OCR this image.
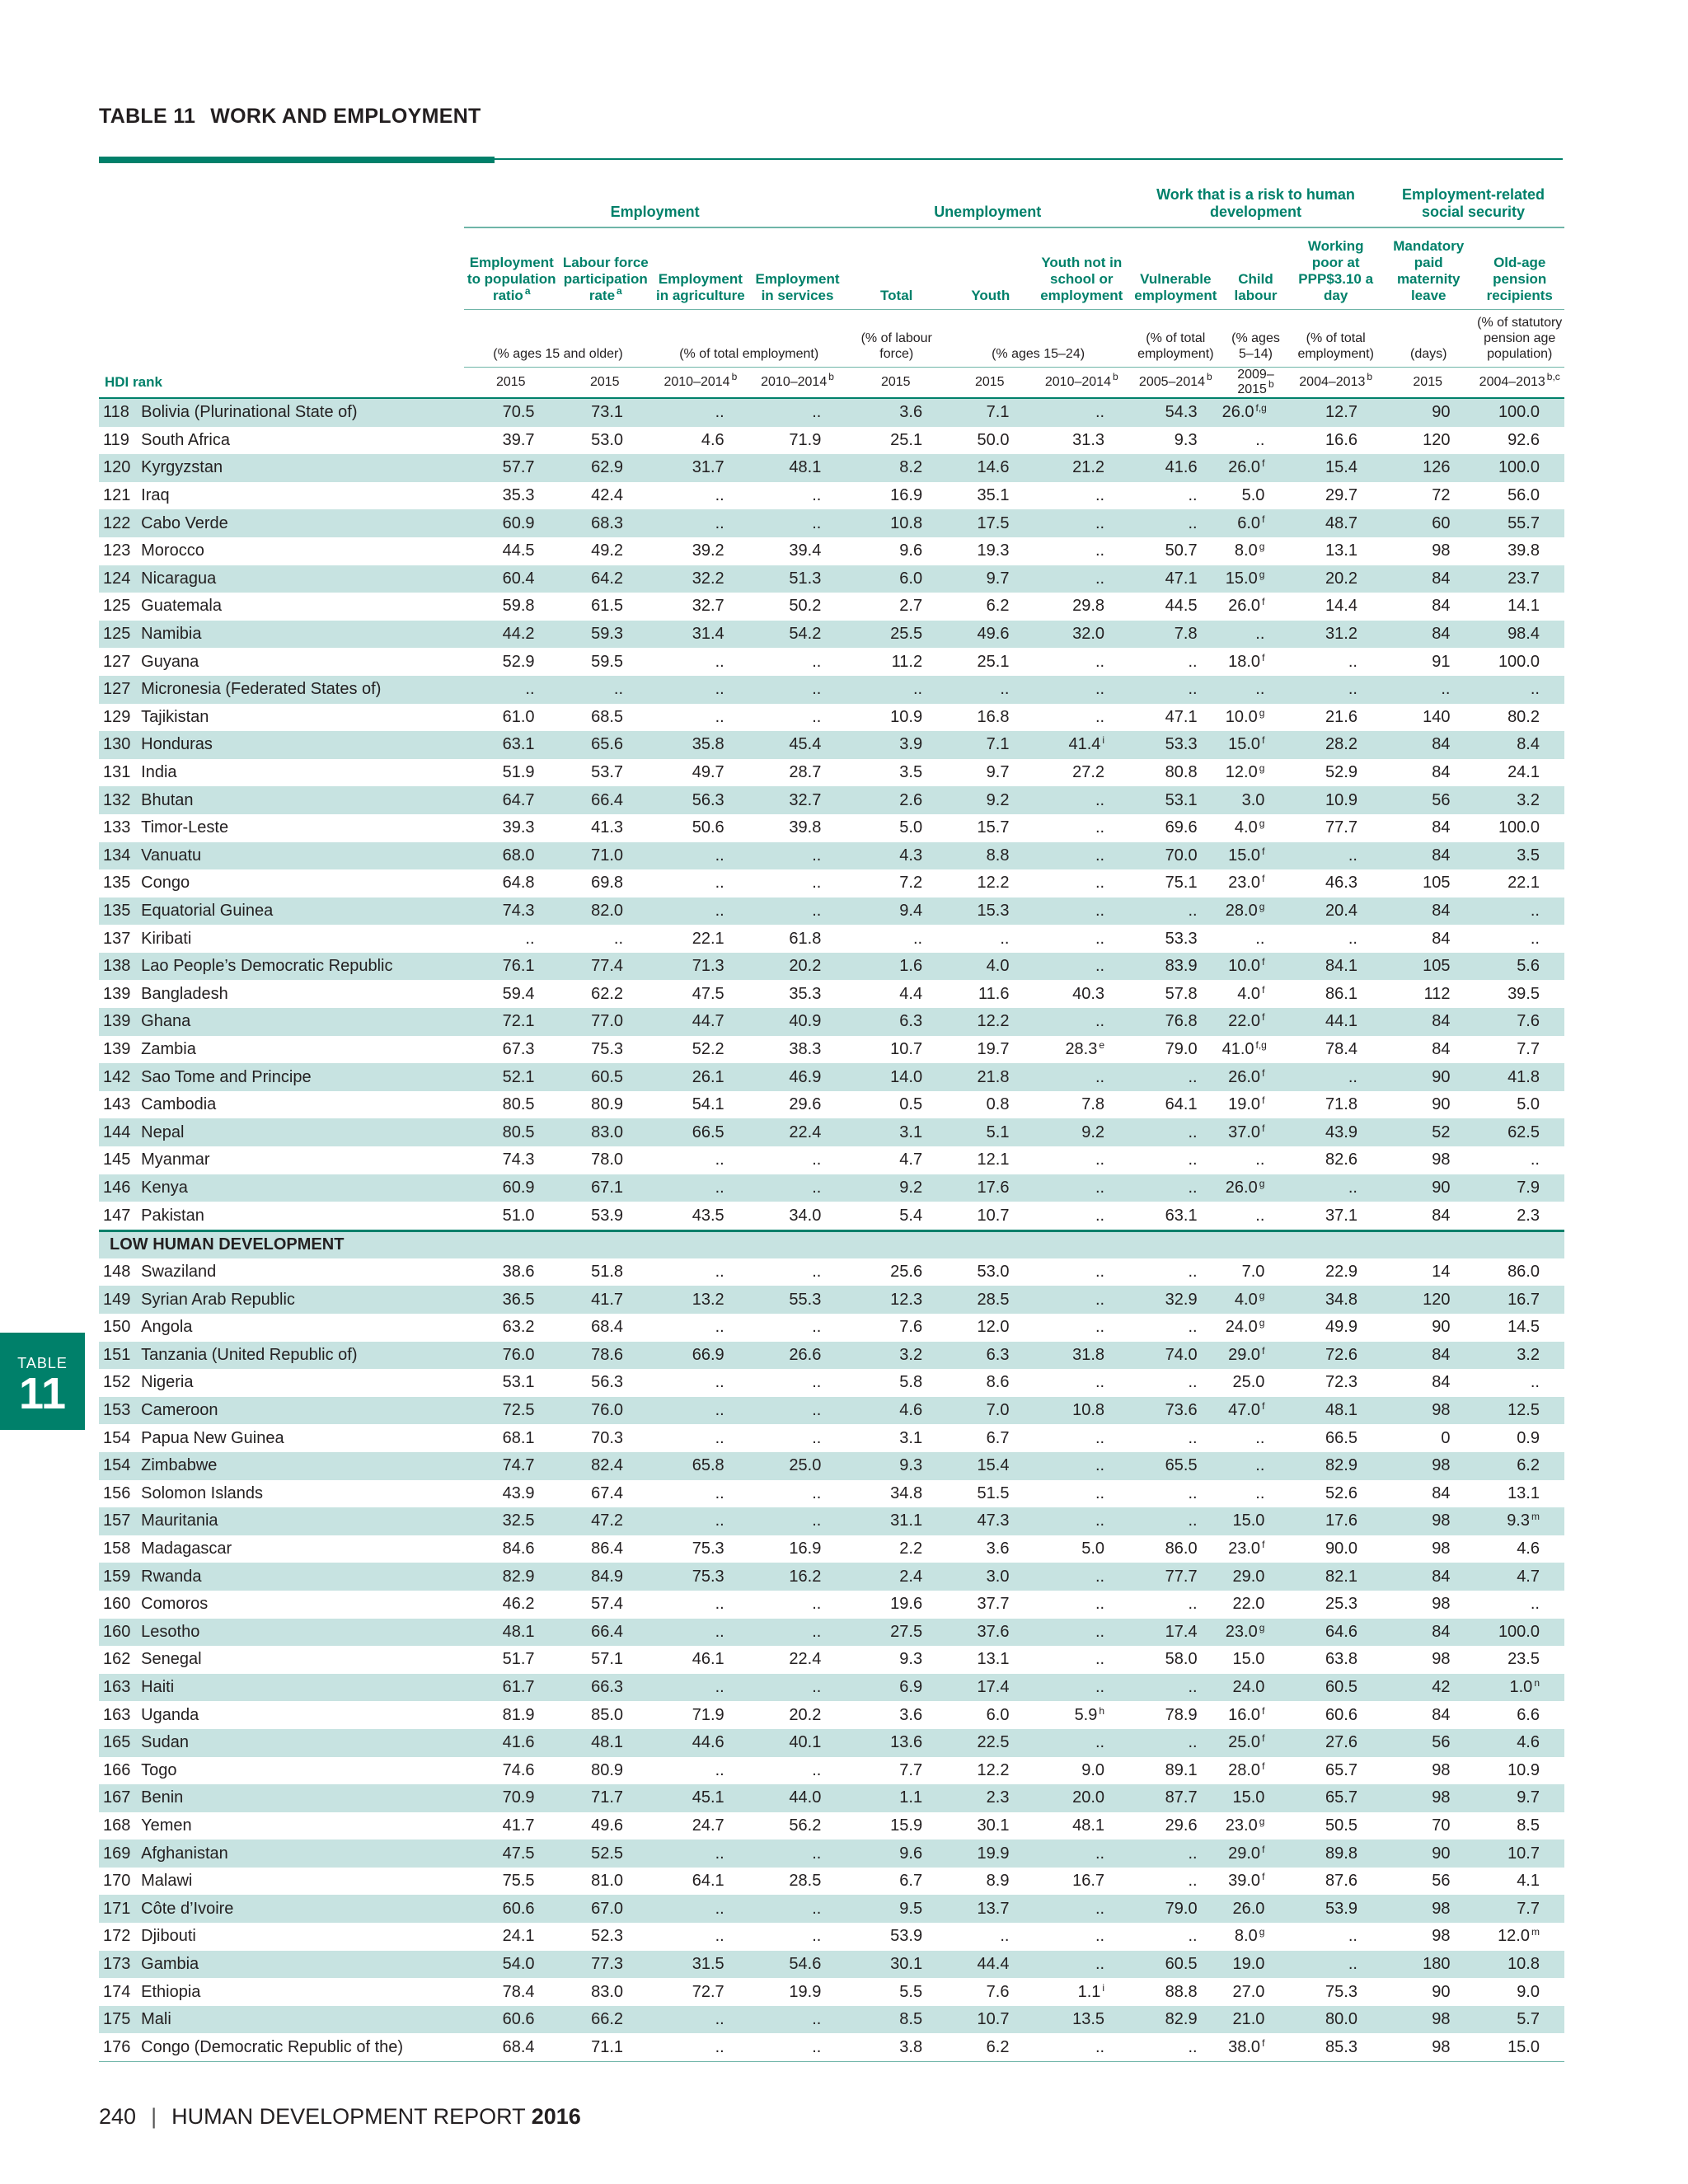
TABLE 11 WORK AND EMPLOYMENT
TABLE
11
		Employment				Unemployment			Work that is a risk to human development			Employment-related social security	
		Employment to population ratio $^a$	Labour force participation rate $^a$	Employment in agriculture	Employment in services	Total	Youth	Youth not in school or employment	Vulnerable employment	Child labour	Working poor at PPP$3.10 a day	Mandatory paid maternity leave	Old-age pension recipients
		(% ages 15 and older)		(% of total employment)		(% of labour force)	(% ages 15–24)		(% of total employment)	(% ages 5–14)	(% of total employment)	(days)	(% of statutory pension age population)
HDI rank		2015	2015	2010–2014 $^b$	2010–2014 $^b$	2015	2015	2010–2014 $^b$	2005–2014 $^b$	2009–2015 $^b$	2004–2013 $^b$	2015	2004–2013 $^{b,c}$
118	Bolivia (Plurinational State of)	70.5	73.1	..	..	3.6	7.1	..	54.3	26.0 $^{f,g}$	12.7	90	100.0
119	South Africa	39.7	53.0	4.6	71.9	25.1	50.0	31.3	9.3	..	16.6	120	92.6
120	Kyrgyzstan	57.7	62.9	31.7	48.1	8.2	14.6	21.2	41.6	26.0 $^f$	15.4	126	100.0
121	Iraq	35.3	42.4	..	..	16.9	35.1	..	..	5.0	29.7	72	56.0
122	Cabo Verde	60.9	68.3	..	..	10.8	17.5	..	..	6.0 $^f$	48.7	60	55.7
123	Morocco	44.5	49.2	39.2	39.4	9.6	19.3	..	50.7	8.0 $^g$	13.1	98	39.8
124	Nicaragua	60.4	64.2	32.2	51.3	6.0	9.7	..	47.1	15.0 $^g$	20.2	84	23.7
125	Guatemala	59.8	61.5	32.7	50.2	2.7	6.2	29.8	44.5	26.0 $^f$	14.4	84	14.1
125	Namibia	44.2	59.3	31.4	54.2	25.5	49.6	32.0	7.8	..	31.2	84	98.4
127	Guyana	52.9	59.5	..	..	11.2	25.1	..	..	18.0 $^f$	..	91	100.0
127	Micronesia (Federated States of)	..	..	..	..	..	..	..	..	..	..	..	..
129	Tajikistan	61.0	68.5	..	..	10.9	16.8	..	47.1	10.0 $^g$	21.6	140	80.2
130	Honduras	63.1	65.6	35.8	45.4	3.9	7.1	41.4 $^i$	53.3	15.0 $^f$	28.2	84	8.4
131	India	51.9	53.7	49.7	28.7	3.5	9.7	27.2	80.8	12.0 $^g$	52.9	84	24.1
132	Bhutan	64.7	66.4	56.3	32.7	2.6	9.2	..	53.1	3.0	10.9	56	3.2
133	Timor-Leste	39.3	41.3	50.6	39.8	5.0	15.7	..	69.6	4.0 $^g$	77.7	84	100.0
134	Vanuatu	68.0	71.0	..	..	4.3	8.8	..	70.0	15.0 $^f$	..	84	3.5
135	Congo	64.8	69.8	..	..	7.2	12.2	..	75.1	23.0 $^f$	46.3	105	22.1
135	Equatorial Guinea	74.3	82.0	..	..	9.4	15.3	..	..	28.0 $^g$	20.4	84	..
137	Kiribati	..	..	22.1	61.8	..	..	..	53.3	..	..	84	..
138	Lao People’s Democratic Republic	76.1	77.4	71.3	20.2	1.6	4.0	..	83.9	10.0 $^f$	84.1	105	5.6
139	Bangladesh	59.4	62.2	47.5	35.3	4.4	11.6	40.3	57.8	4.0 $^f$	86.1	112	39.5
139	Ghana	72.1	77.0	44.7	40.9	6.3	12.2	..	76.8	22.0 $^f$	44.1	84	7.6
139	Zambia	67.3	75.3	52.2	38.3	10.7	19.7	28.3 $^e$	79.0	41.0 $^{f,g}$	78.4	84	7.7
142	Sao Tome and Principe	52.1	60.5	26.1	46.9	14.0	21.8	..	..	26.0 $^f$	..	90	41.8
143	Cambodia	80.5	80.9	54.1	29.6	0.5	0.8	7.8	64.1	19.0 $^f$	71.8	90	5.0
144	Nepal	80.5	83.0	66.5	22.4	3.1	5.1	9.2	..	37.0 $^f$	43.9	52	62.5
145	Myanmar	74.3	78.0	..	..	4.7	12.1	..	..	..	82.6	98	..
146	Kenya	60.9	67.1	..	..	9.2	17.6	..	..	26.0 $^g$	..	90	7.9
147	Pakistan	51.0	53.9	43.5	34.0	5.4	10.7	..	63.1	..	37.1	84	2.3
LOW HUMAN DEVELOPMENT													
148	Swaziland	38.6	51.8	..	..	25.6	53.0	..	..	7.0	22.9	14	86.0
149	Syrian Arab Republic	36.5	41.7	13.2	55.3	12.3	28.5	..	32.9	4.0 $^g$	34.8	120	16.7
150	Angola	63.2	68.4	..	..	7.6	12.0	..	..	24.0 $^g$	49.9	90	14.5
151	Tanzania (United Republic of)	76.0	78.6	66.9	26.6	3.2	6.3	31.8	74.0	29.0 $^f$	72.6	84	3.2
152	Nigeria	53.1	56.3	..	..	5.8	8.6	..	..	25.0	72.3	84	..
153	Cameroon	72.5	76.0	..	..	4.6	7.0	10.8	73.6	47.0 $^f$	48.1	98	12.5
154	Papua New Guinea	68.1	70.3	..	..	3.1	6.7	..	..	..	66.5	0	0.9
154	Zimbabwe	74.7	82.4	65.8	25.0	9.3	15.4	..	65.5	..	82.9	98	6.2
156	Solomon Islands	43.9	67.4	..	..	34.8	51.5	..	..	..	52.6	84	13.1
157	Mauritania	32.5	47.2	..	..	31.1	47.3	..	..	15.0	17.6	98	9.3 $^m$
158	Madagascar	84.6	86.4	75.3	16.9	2.2	3.6	5.0	86.0	23.0 $^f$	90.0	98	4.6
159	Rwanda	82.9	84.9	75.3	16.2	2.4	3.0	..	77.7	29.0	82.1	84	4.7
160	Comoros	46.2	57.4	..	..	19.6	37.7	..	..	22.0	25.3	98	..
160	Lesotho	48.1	66.4	..	..	27.5	37.6	..	17.4	23.0 $^g$	64.6	84	100.0
162	Senegal	51.7	57.1	46.1	22.4	9.3	13.1	..	58.0	15.0	63.8	98	23.5
163	Haiti	61.7	66.3	..	..	6.9	17.4	..	..	24.0	60.5	42	1.0 $^n$
163	Uganda	81.9	85.0	71.9	20.2	3.6	6.0	5.9 $^h$	78.9	16.0 $^f$	60.6	84	6.6
165	Sudan	41.6	48.1	44.6	40.1	13.6	22.5	..	..	25.0 $^f$	27.6	56	4.6
166	Togo	74.6	80.9	..	..	7.7	12.2	9.0	89.1	28.0 $^f$	65.7	98	10.9
167	Benin	70.9	71.7	45.1	44.0	1.1	2.3	20.0	87.7	15.0	65.7	98	9.7
168	Yemen	41.7	49.6	24.7	56.2	15.9	30.1	48.1	29.6	23.0 $^g$	50.5	70	8.5
169	Afghanistan	47.5	52.5	..	..	9.6	19.9	..	..	29.0 $^f$	89.8	90	10.7
170	Malawi	75.5	81.0	64.1	28.5	6.7	8.9	16.7	..	39.0 $^f$	87.6	56	4.1
171	Côte d’Ivoire	60.6	67.0	..	..	9.5	13.7	..	79.0	26.0	53.9	98	7.7
172	Djibouti	24.1	52.3	..	..	53.9	..	..	..	8.0 $^g$	..	98	12.0 $^m$
173	Gambia	54.0	77.3	31.5	54.6	30.1	44.4	..	60.5	19.0	..	180	10.8
174	Ethiopia	78.4	83.0	72.7	19.9	5.5	7.6	1.1 $^i$	88.8	27.0	75.3	90	9.0
175	Mali	60.6	66.2	..	..	8.5	10.7	13.5	82.9	21.0	80.0	98	5.7
176	Congo (Democratic Republic of the)	68.4	71.1	..	..	3.8	6.2	..	..	38.0 $^f$	85.3	98	15.0
240 | HUMAN DEVELOPMENT REPORT 2016
